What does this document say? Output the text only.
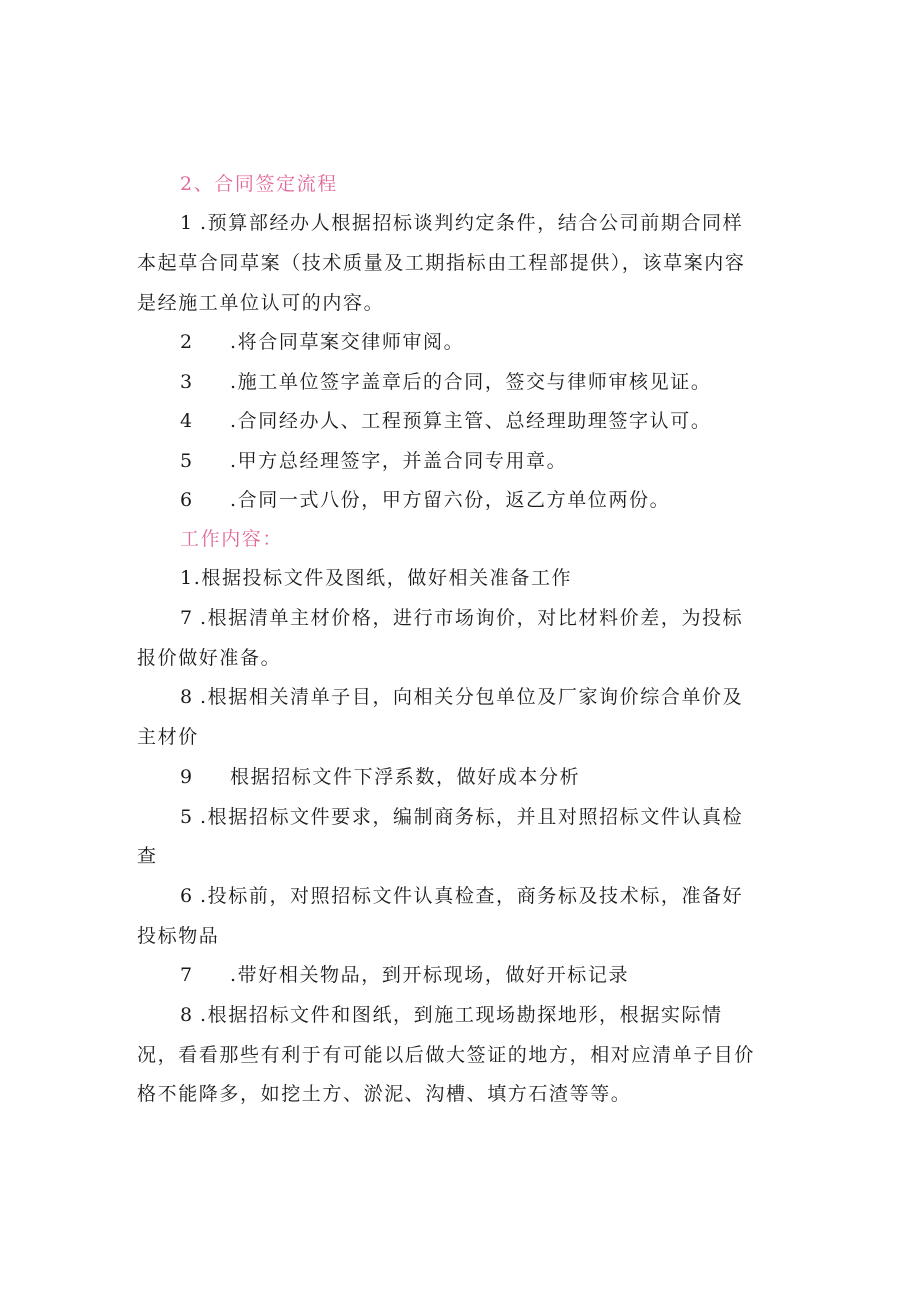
2、合同签定流程
1 .预算部经办人根据招标谈判约定条件，结合公司前期合同样
本起草合同草案（技术质量及工期指标由工程部提供），该草案内容
是经施工单位认可的内容。
2 .将合同草案交律师审阅。
3 .施工单位签字盖章后的合同，签交与律师审核见证。
4 .合同经办人、工程预算主管、总经理助理签字认可。
5 .甲方总经理签字，并盖合同专用章。
6 .合同一式八份，甲方留六份，返乙方单位两份。
工作内容：
1.根据投标文件及图纸，做好相关准备工作
7 .根据清单主材价格，进行市场询价，对比材料价差，为投标
报价做好准备。
8 .根据相关清单子目，向相关分包单位及厂家询价综合单价及
主材价
9 根据招标文件下浮系数，做好成本分析
5 .根据招标文件要求，编制商务标，并且对照招标文件认真检
查
6 .投标前，对照招标文件认真检查，商务标及技术标，准备好
投标物品
7 .带好相关物品，到开标现场，做好开标记录
8 .根据招标文件和图纸，到施工现场勘探地形，根据实际情
况，看看那些有利于有可能以后做大签证的地方，相对应清单子目价
格不能降多，如挖土方、淤泥、沟槽、填方石渣等等。
